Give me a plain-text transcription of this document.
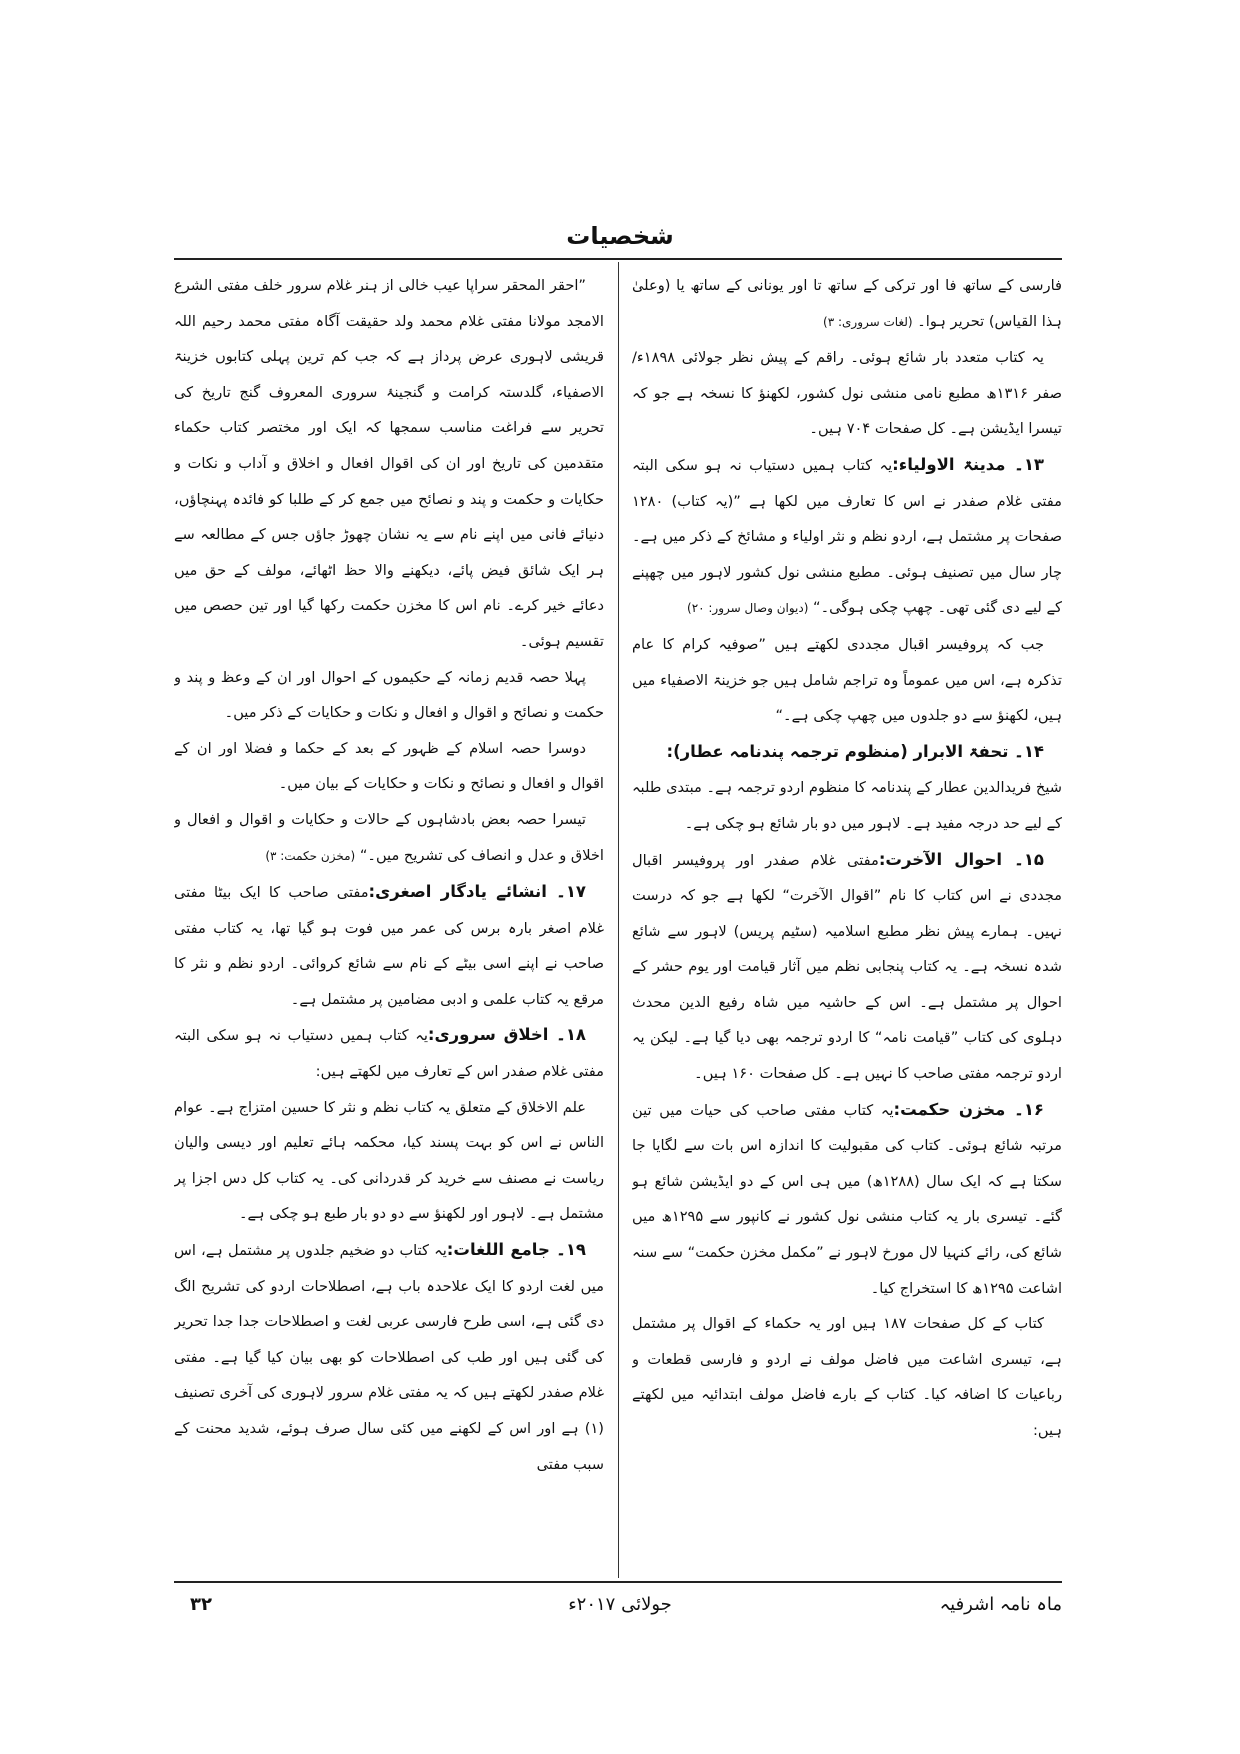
شخصیات

فارسی کے ساتھ فا اور ترکی کے ساتھ تا اور یونانی کے ساتھ یا (وعلیٰ ہذا القیاس) تحریر ہوا۔ (لغات سروری: ۳)

یہ کتاب متعدد بار شائع ہوئی۔ راقم کے پیش نظر جولائی ۱۸۹۸ء/صفر ۱۳۱۶ھ مطبع نامی منشی نول کشور، لکھنؤ کا نسخہ ہے جو کہ تیسرا ایڈیشن ہے۔ کل صفحات ۷۰۴ ہیں۔

۱۳۔ مدینۃ الاولیاء:یہ کتاب ہمیں دستیاب نہ ہو سکی البتہ مفتی غلام صفدر نے اس کا تعارف میں لکھا ہے ”(یہ کتاب) ۱۲۸۰ صفحات پر مشتمل ہے، اردو نظم و نثر اولیاء و مشائخ کے ذکر میں ہے۔ چار سال میں تصنیف ہوئی۔ مطبع منشی نول کشور لاہور میں چھپنے کے لیے دی گئی تھی۔ چھپ چکی ہوگی۔“ (دیوان وصال سرور: ۲۰)

جب کہ پروفیسر اقبال مجددی لکھتے ہیں ”صوفیہ کرام کا عام تذکرہ ہے، اس میں عموماً وہ تراجم شامل ہیں جو خزینۃ الاصفیاء میں ہیں، لکھنؤ سے دو جلدوں میں چھپ چکی ہے۔“

۱۴۔ تحفۃ الابرار (منظوم ترجمہ پندنامہ عطار):

شیخ فریدالدین عطار کے پندنامہ کا منظوم اردو ترجمہ ہے۔ مبتدی طلبہ کے لیے حد درجہ مفید ہے۔ لاہور میں دو بار شائع ہو چکی ہے۔

۱۵۔ احوال الآخرت:مفتی غلام صفدر اور پروفیسر اقبال مجددی نے اس کتاب کا نام ”اقوال الآخرت“ لکھا ہے جو کہ درست نہیں۔ ہمارے پیش نظر مطبع اسلامیہ (سٹیم پریس) لاہور سے شائع شدہ نسخہ ہے۔ یہ کتاب پنجابی نظم میں آثار قیامت اور یوم حشر کے احوال پر مشتمل ہے۔ اس کے حاشیہ میں شاہ رفیع الدین محدث دہلوی کی کتاب ”قیامت نامہ“ کا اردو ترجمہ بھی دیا گیا ہے۔ لیکن یہ اردو ترجمہ مفتی صاحب کا نہیں ہے۔ کل صفحات ۱۶۰ ہیں۔

۱۶۔ مخزن حکمت:یہ کتاب مفتی صاحب کی حیات میں تین مرتبہ شائع ہوئی۔ کتاب کی مقبولیت کا اندازہ اس بات سے لگایا جا سکتا ہے کہ ایک سال (۱۲۸۸ھ) میں ہی اس کے دو ایڈیشن شائع ہو گئے۔ تیسری بار یہ کتاب منشی نول کشور نے کانپور سے ۱۲۹۵ھ میں شائع کی، رائے کنہیا لال مورخ لاہور نے ”مکمل مخزن حکمت“ سے سنہ اشاعت ۱۲۹۵ھ کا استخراج کیا۔

کتاب کے کل صفحات ۱۸۷ ہیں اور یہ حکماء کے اقوال پر مشتمل ہے، تیسری اشاعت میں فاضل مولف نے اردو و فارسی قطعات و رباعیات کا اضافہ کیا۔ کتاب کے بارے فاضل مولف ابتدائیہ میں لکھتے ہیں:

”احقر المحقر سراپا عیب خالی از ہنر غلام سرور خلف مفتی الشرع الامجد مولانا مفتی غلام محمد ولد حقیقت آگاہ مفتی محمد رحیم اللہ قریشی لاہوری عرض پرداز ہے کہ جب کم ترین پہلی کتابوں خزینۃ الاصفیاء، گلدستہ کرامت و گنجینۂ سروری المعروف گنج تاریخ کی تحریر سے فراغت مناسب سمجھا کہ ایک اور مختصر کتاب حکماء متقدمین کی تاریخ اور ان کی اقوال افعال و اخلاق و آداب و نکات و حکایات و حکمت و پند و نصائح میں جمع کر کے طلبا کو فائدہ پہنچاؤں، دنیائے فانی میں اپنے نام سے یہ نشان چھوڑ جاؤں جس کے مطالعہ سے ہر ایک شائق فیض پائے، دیکھنے والا حظ اٹھائے، مولف کے حق میں دعائے خیر کرے۔ نام اس کا مخزن حکمت رکھا گیا اور تین حصص میں تقسیم ہوئی۔

پہلا حصہ قدیم زمانہ کے حکیموں کے احوال اور ان کے وعظ و پند و حکمت و نصائح و اقوال و افعال و نکات و حکایات کے ذکر میں۔

دوسرا حصہ اسلام کے ظہور کے بعد کے حکما و فضلا اور ان کے اقوال و افعال و نصائح و نکات و حکایات کے بیان میں۔

تیسرا حصہ بعض بادشاہوں کے حالات و حکایات و اقوال و افعال و اخلاق و عدل و انصاف کی تشریح میں۔“ (مخزن حکمت: ۳)

۱۷۔ انشائے یادگار اصغری:مفتی صاحب کا ایک بیٹا مفتی غلام اصغر بارہ برس کی عمر میں فوت ہو گیا تھا، یہ کتاب مفتی صاحب نے اپنے اسی بیٹے کے نام سے شائع کروائی۔ اردو نظم و نثر کا مرقع یہ کتاب علمی و ادبی مضامین پر مشتمل ہے۔

۱۸۔ اخلاق سروری:یہ کتاب ہمیں دستیاب نہ ہو سکی البتہ مفتی غلام صفدر اس کے تعارف میں لکھتے ہیں:

علم الاخلاق کے متعلق یہ کتاب نظم و نثر کا حسین امتزاج ہے۔ عوام الناس نے اس کو بہت پسند کیا، محکمہ ہائے تعلیم اور دیسی والیان ریاست نے مصنف سے خرید کر قدردانی کی۔ یہ کتاب کل دس اجزا پر مشتمل ہے۔ لاہور اور لکھنؤ سے دو دو بار طبع ہو چکی ہے۔

۱۹۔ جامع اللغات:یہ کتاب دو ضخیم جلدوں پر مشتمل ہے، اس میں لغت اردو کا ایک علاحدہ باب ہے، اصطلاحات اردو کی تشریح الگ دی گئی ہے، اسی طرح فارسی عربی لغت و اصطلاحات جدا جدا تحریر کی گئی ہیں اور طب کی اصطلاحات کو بھی بیان کیا گیا ہے۔ مفتی غلام صفدر لکھتے ہیں کہ یہ مفتی غلام سرور لاہوری کی آخری تصنیف (۱) ہے اور اس کے لکھنے میں کئی سال صرف ہوئے، شدید محنت کے سبب مفتی

ماہ نامہ اشرفیہ
جولائی ۲۰۱۷ء
۳۲
